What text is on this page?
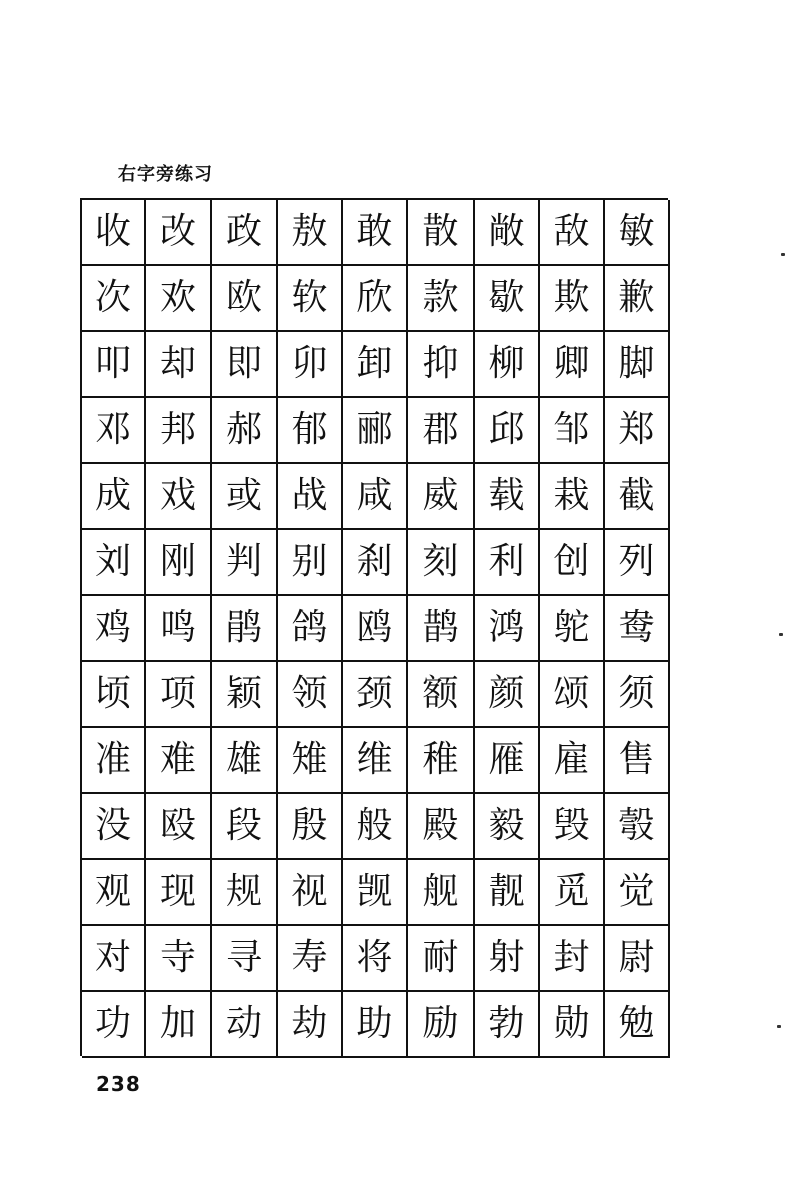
右字旁练习
收 改 政 敖 敢 散 敞 敌 敏
次 欢 欧 软 欣 款 歇 欺 歉
叩 却 即 卯 卸 抑 柳 卿 脚
邓 邦 郝 郁 郦 郡 邱 邹 郑
成 戏 或 战 咸 威 载 栽 截
刘 刚 判 别 刹 刻 利 创 列
鸡 鸣 鹃 鸽 鸥 鹊 鸿 鸵 鸯
顷 项 颖 领 颈 额 颜 颂 须
准 难 雄 雉 维 稚 雁 雇 售
没 殴 段 殷 般 殿 毅 毁 彀
观 现 规 视 觊 舰 靓 觅 觉
对 寺 寻 寿 将 耐 射 封 尉
功 加 动 劫 助 励 勃 勋 勉
238
